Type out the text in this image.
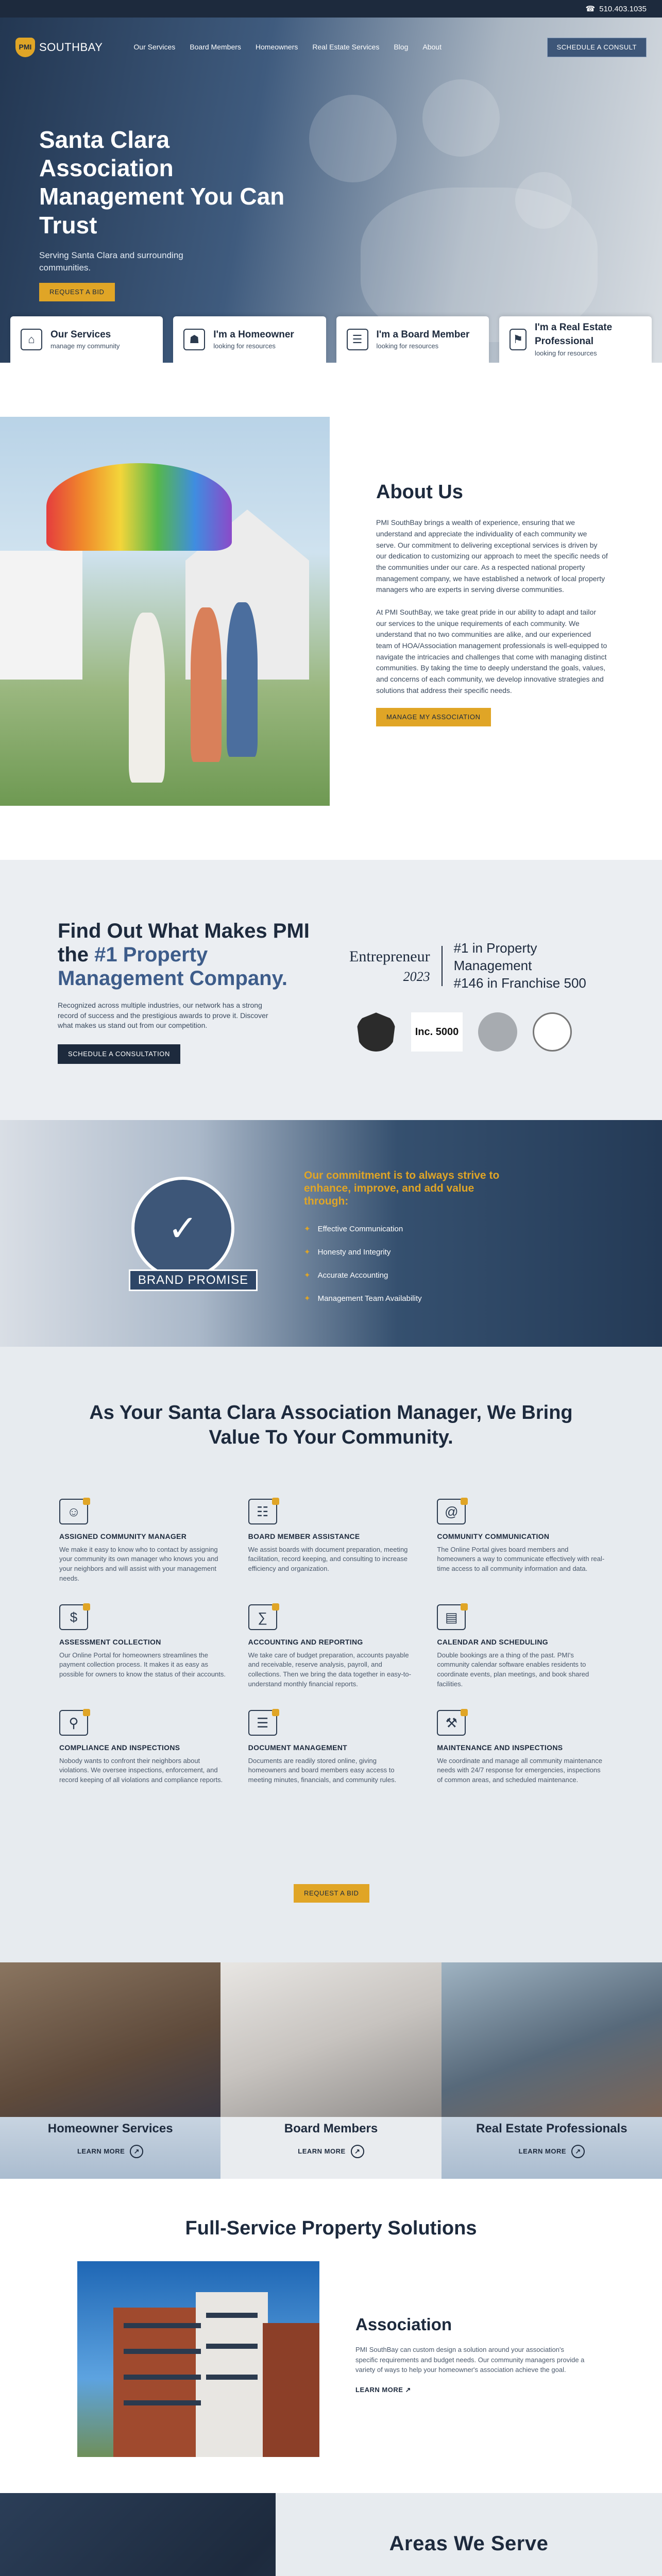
☎ 510.403.1035
PMI SOUTHBAY	Our Services Board Members Homeowners Real Estate Services Blog About	SCHEDULE A CONSULT
Santa Clara Association Management You Can Trust
Serving Santa Clara and surrounding communities.
REQUEST A BID
⌂	Our Services
manage my community
☗	I'm a Homeowner
looking for resources
☰	I'm a Board Member
looking for resources
⚑
I'm a Real Estate Professional
looking for resources
About Us

PMI SouthBay brings a wealth of experience, ensuring that we understand and appreciate the individuality of each community we serve. Our commitment to delivering exceptional services is driven by our dedication to customizing our approach to meet the specific needs of the communities under our care. As a respected national property management company, we have established a network of local property managers who are experts in serving diverse communities.

At PMI SouthBay, we take great pride in our ability to adapt and tailor our services to the unique requirements of each community. We understand that no two communities are alike, and our experienced team of HOA/Association management professionals is well-equipped to navigate the intricacies and challenges that come with managing distinct communities. By taking the time to deeply understand the goals, values, and concerns of each community, we develop innovative strategies and solutions that address their specific needs.

MANAGE MY ASSOCIATION
Find Out What Makes PMI the #1 Property Management Company.

Recognized across multiple industries, our network has a strong record of success and the prestigious awards to prove it. Discover what makes us stand out from our competition.

SCHEDULE A CONSULTATION
Entrepreneur
2023
#1 in Property Management
#146 in Franchise 500
Inc. 5000
✓
BRAND PROMISE
Our commitment is to always strive to enhance, improve, and add value through:
✦ Effective Communication
✦ Honesty and Integrity
✦ Accurate Accounting
✦ Management Team Availability
As Your Santa Clara Association Manager, We Bring Value To Your Community.
☺
ASSIGNED COMMUNITY MANAGER

We make it easy to know who to contact by assigning your community its own manager who knows you and your neighbors and will assist with your management needs.

☷
BOARD MEMBER ASSISTANCE

We assist boards with document preparation, meeting facilitation, record keeping, and consulting to increase efficiency and organization.

@
COMMUNITY COMMUNICATION

The Online Portal gives board members and homeowners a way to communicate effectively with real-time access to all community information and data.

$
ASSESSMENT COLLECTION

Our Online Portal for homeowners streamlines the payment collection process. It makes it as easy as possible for owners to know the status of their accounts.

∑
ACCOUNTING AND REPORTING

We take care of budget preparation, accounts payable and receivable, reserve analysis, payroll, and collections. Then we bring the data together in easy-to-understand monthly financial reports.

▤
CALENDAR AND SCHEDULING

Double bookings are a thing of the past. PMI's community calendar software enables residents to coordinate events, plan meetings, and book shared facilities.

⚲
COMPLIANCE AND INSPECTIONS

Nobody wants to confront their neighbors about violations. We oversee inspections, enforcement, and record keeping of all violations and compliance reports.

☰
DOCUMENT MANAGEMENT

Documents are readily stored online, giving homeowners and board members easy access to meeting minutes, financials, and community rules.

⚒
MAINTENANCE AND INSPECTIONS

We coordinate and manage all community maintenance needs with 24/7 response for emergencies, inspections of common areas, and scheduled maintenance.

REQUEST A BID
Homeowner Services
LEARN MORE ↗
Board Members
LEARN MORE ↗
Real Estate Professionals
LEARN MORE ↗
Full-Service Property Solutions
Association

PMI SouthBay can custom design a solution around your association's specific requirements and budget needs. Our community managers provide a variety of ways to help your homeowner's association achieve the goal.

LEARN MORE ↗
Areas We Serve
